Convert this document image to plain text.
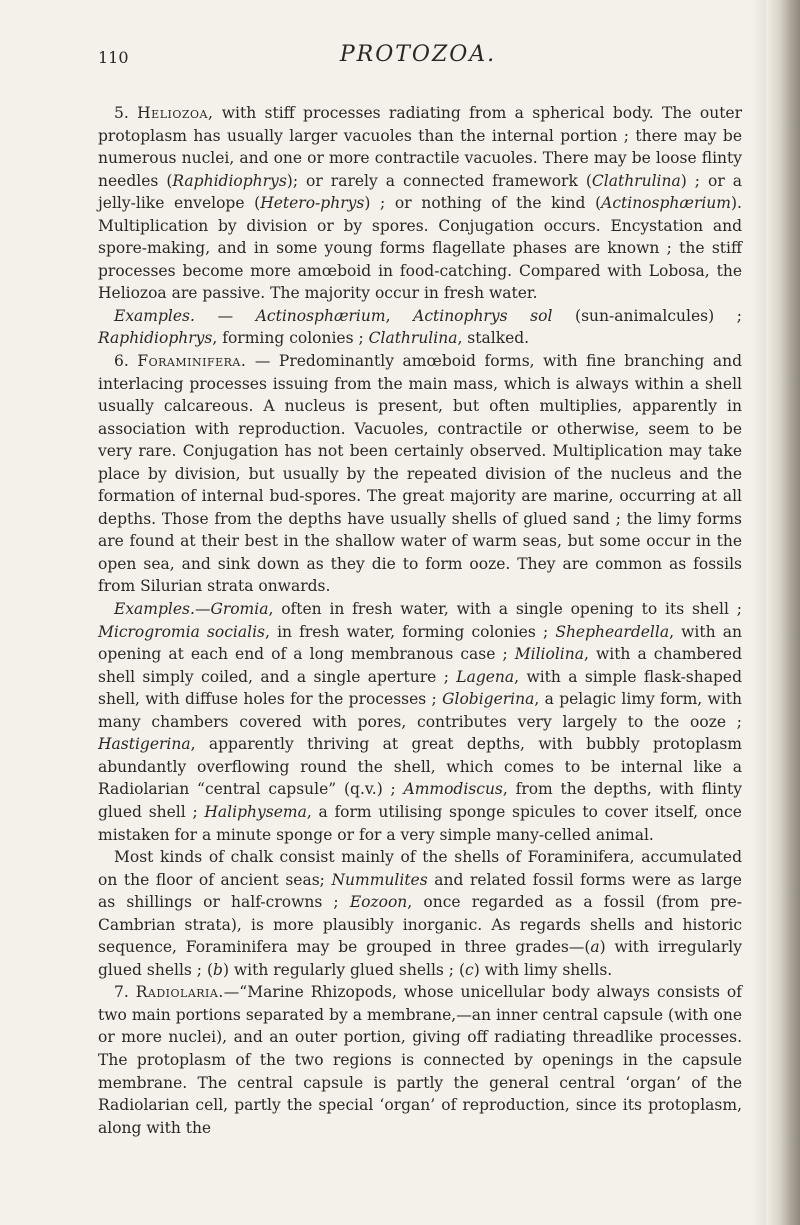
110	PROTOZOA.

5. Heliozoa, with stiff processes radiating from a spherical body. The outer protoplasm has usually larger vacuoles than the internal portion ; there may be numerous nuclei, and one or more contractile vacuoles. There may be loose flinty needles (Raphidiophrys); or rarely a connected framework (Clathrulina) ; or a jelly-like envelope (Hetero-phrys) ; or nothing of the kind (Actinosphærium). Multiplication by division or by spores. Conjugation occurs. Encystation and spore-making, and in some young forms flagellate phases are known ; the stiff processes become more amœboid in food-catching. Compared with Lobosa, the Heliozoa are passive. The majority occur in fresh water.

Examples. — Actinosphærium, Actinophrys sol (sun-animalcules) ; Raphidiophrys, forming colonies ; Clathrulina, stalked.

6. Foraminifera. — Predominantly amœboid forms, with fine branching and interlacing processes issuing from the main mass, which is always within a shell usually calcareous. A nucleus is present, but often multiplies, apparently in association with reproduction. Vacuoles, contractile or otherwise, seem to be very rare. Conjugation has not been certainly observed. Multiplication may take place by division, but usually by the repeated division of the nucleus and the formation of internal bud-spores. The great majority are marine, occurring at all depths. Those from the depths have usually shells of glued sand ; the limy forms are found at their best in the shallow water of warm seas, but some occur in the open sea, and sink down as they die to form ooze. They are common as fossils from Silurian strata onwards.

Examples.—Gromia, often in fresh water, with a single opening to its shell ; Microgromia socialis, in fresh water, forming colonies ; Shepheardella, with an opening at each end of a long membranous case ; Miliolina, with a chambered shell simply coiled, and a single aperture ; Lagena, with a simple flask-shaped shell, with diffuse holes for the processes ; Globigerina, a pelagic limy form, with many chambers covered with pores, contributes very largely to the ooze ; Hastigerina, apparently thriving at great depths, with bubbly protoplasm abundantly overflowing round the shell, which comes to be internal like a Radiolarian “central capsule” (q.v.) ; Ammodiscus, from the depths, with flinty glued shell ; Haliphysema, a form utilising sponge spicules to cover itself, once mistaken for a minute sponge or for a very simple many-celled animal.

Most kinds of chalk consist mainly of the shells of Foraminifera, accumulated on the floor of ancient seas; Nummulites and related fossil forms were as large as shillings or half-crowns ; Eozoon, once regarded as a fossil (from pre-Cambrian strata), is more plausibly inorganic. As regards shells and historic sequence, Foraminifera may be grouped in three grades—(a) with irregularly glued shells ; (b) with regularly glued shells ; (c) with limy shells.

7. Radiolaria.—“Marine Rhizopods, whose unicellular body always consists of two main portions separated by a membrane,—an inner central capsule (with one or more nuclei), and an outer portion, giving off radiating threadlike processes. The protoplasm of the two regions is connected by openings in the capsule membrane. The central capsule is partly the general central ‘organ’ of the Radiolarian cell, partly the special ‘organ’ of reproduction, since its protoplasm, along with the
